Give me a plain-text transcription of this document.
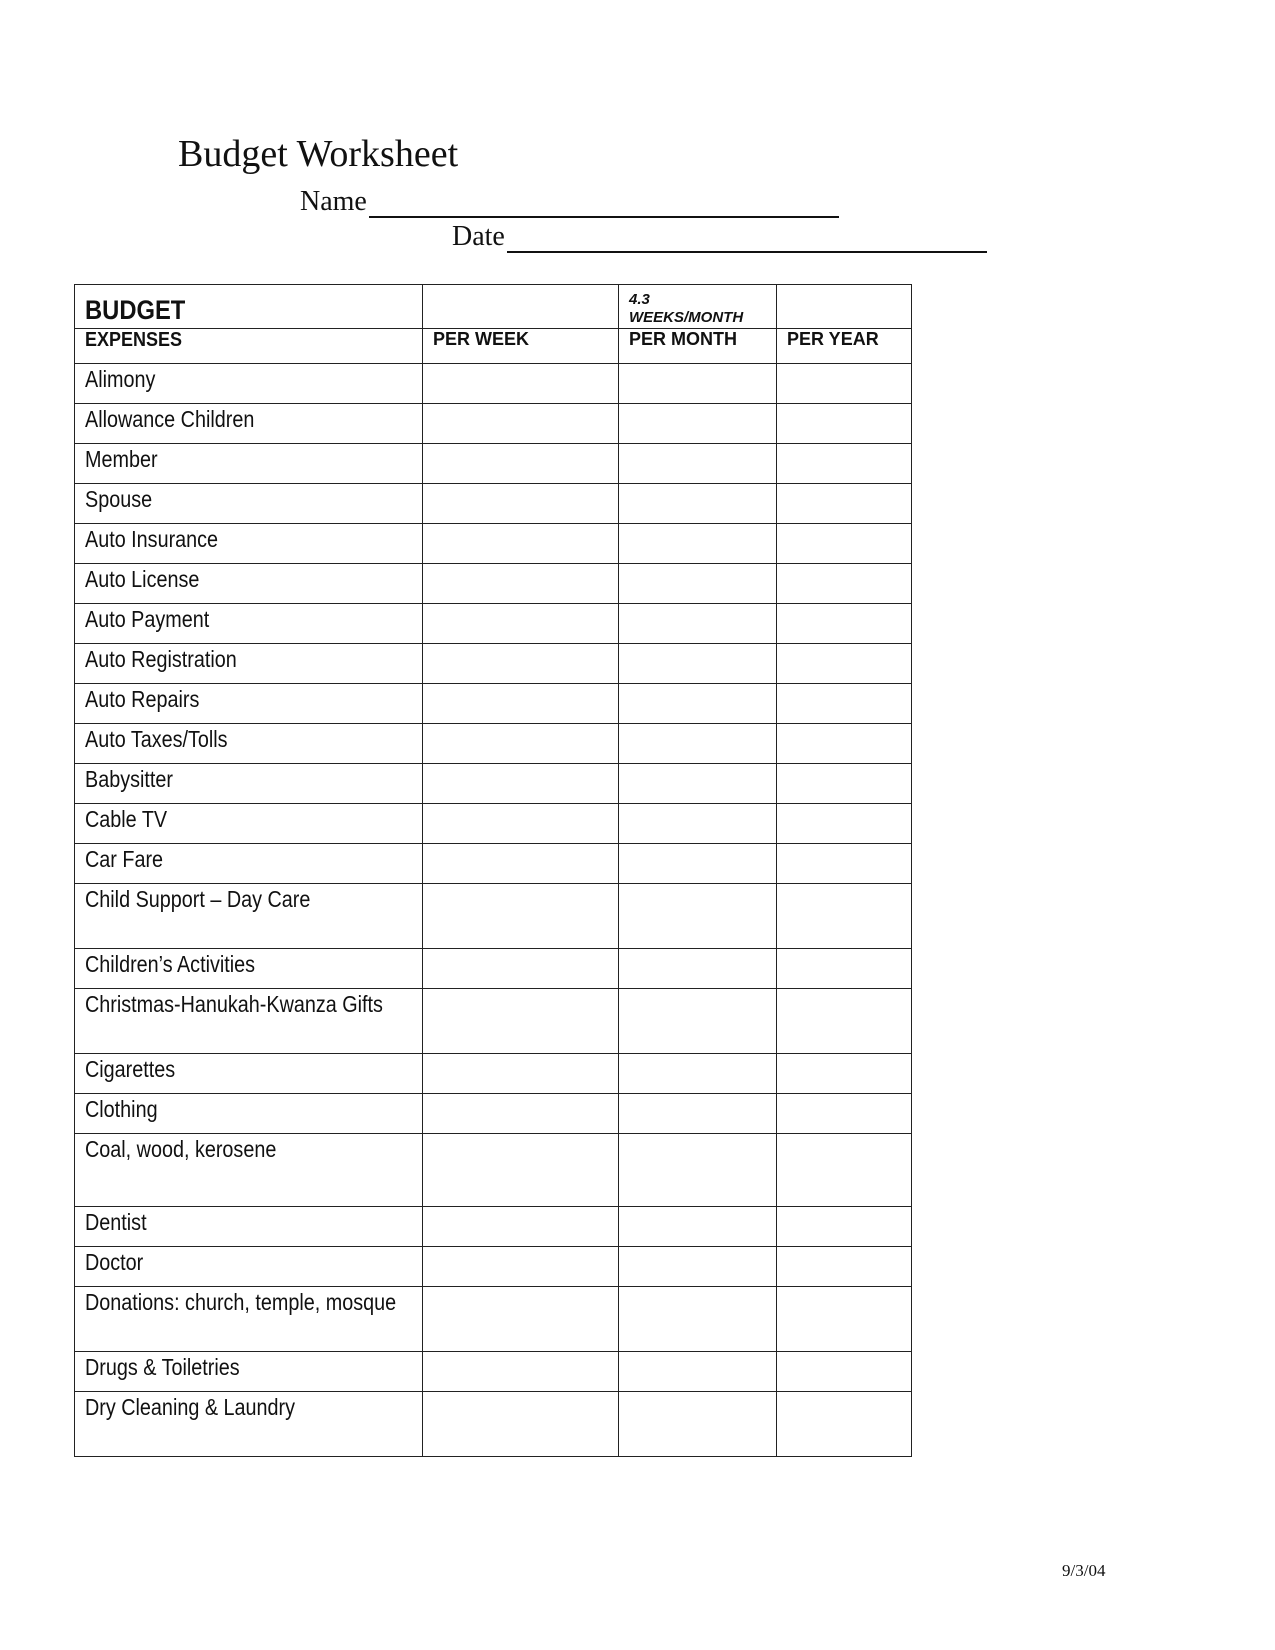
Budget Worksheet
Name
Date
BUDGET		4.3 WEEKS/MONTH	

EXPENSES	PER WEEK	PER MONTH	PER YEAR

Alimony			

Allowance Children			

Member			

Spouse			

Auto Insurance			

Auto License			

Auto Payment			

Auto Registration			

Auto Repairs			

Auto Taxes/Tolls			

Babysitter			

Cable TV			

Car Fare			

Child Support – Day Care			

Children’s Activities			

Christmas-Hanukah-Kwanza Gifts			

Cigarettes			

Clothing			

Coal, wood, kerosene			

Dentist			

Doctor			

Donations: church, temple, mosque			

Drugs & Toiletries			

Dry Cleaning & Laundry			

9/3/04
